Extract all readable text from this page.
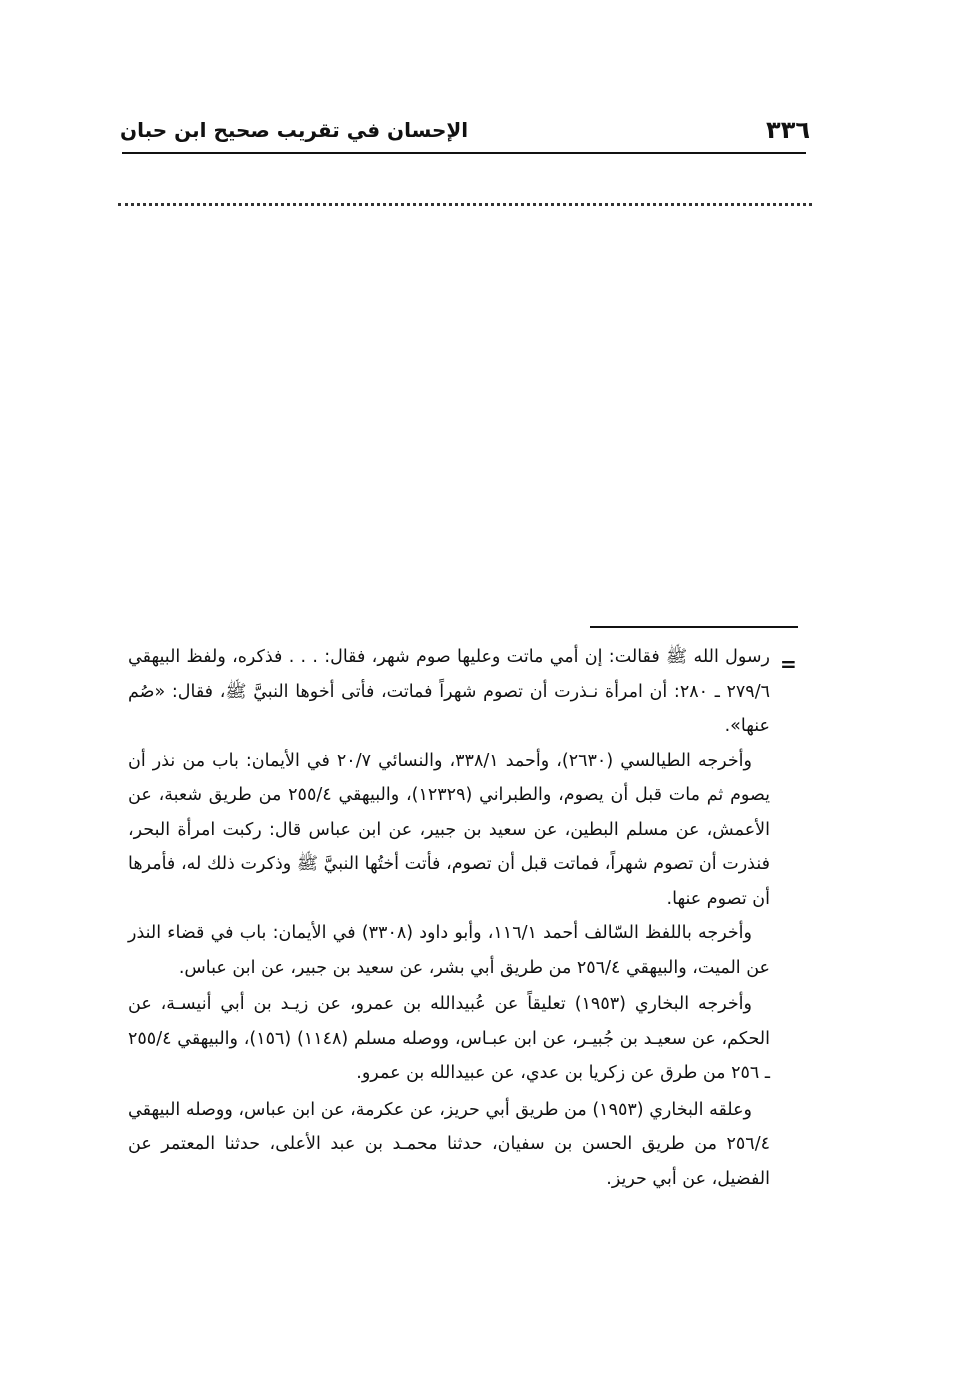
٣٣٦
الإحسان في تقريب صحيح ابن حبان
=

رسول الله ﷺ فقالت: إن أمي ماتت وعليها صوم شهر، فقال: . . . فذكره، ولفظ البيهقي ٢٧٩/٦ ـ ٢٨٠: أن امرأة نـذرت أن تصوم شهراً فماتت، فأتى أخوها النبيَّ ﷺ، فقال: «صُم عنها».

وأخرجه الطيالسي (٢٦٣٠)، وأحمد ٣٣٨/١، والنسائي ٢٠/٧ في الأيمان: باب من نذر أن يصوم ثم مات قبل أن يصوم، والطبراني (١٢٣٢٩)، والبيهقي ٢٥٥/٤ من طريق شعبة، عن الأعمش، عن مسلم البطين، عن سعيد بن جبير، عن ابن عباس قال: ركبت امرأة البحر، فنذرت أن تصوم شهراً، فماتت قبل أن تصوم، فأتت أختُها النبيَّ ﷺ وذكرت ذلك له، فأمرها أن تصوم عنها.

وأخرجه باللفظ السّالف أحمد ١١٦/١، وأبو داود (٣٣٠٨) في الأيمان: باب في قضاء النذر عن الميت، والبيهقي ٢٥٦/٤ من طريق أبي بشر، عن سعيد بن جبير، عن ابن عباس.

وأخرجه البخاري (١٩٥٣) تعليقاً عن عُبيدالله بن عمرو، عن زيـد بن أبي أنيسـة، عن الحكم، عن سعيـد بن جُبيـر، عن ابن عبـاس، ووصله مسلم (١١٤٨) (١٥٦)، والبيهقي ٢٥٥/٤ ـ ٢٥٦ من طرق عن زكريا بن عدي، عن عبيدالله بن عمرو.

وعلقه البخاري (١٩٥٣) من طريق أبي حريز، عن عكرمة، عن ابن عباس، ووصله البيهقي ٢٥٦/٤ من طريق الحسن بن سفيان، حدثنا محمـد بن عبد الأعلى، حدثنا المعتمر عن الفضيل، عن أبي حريز.
